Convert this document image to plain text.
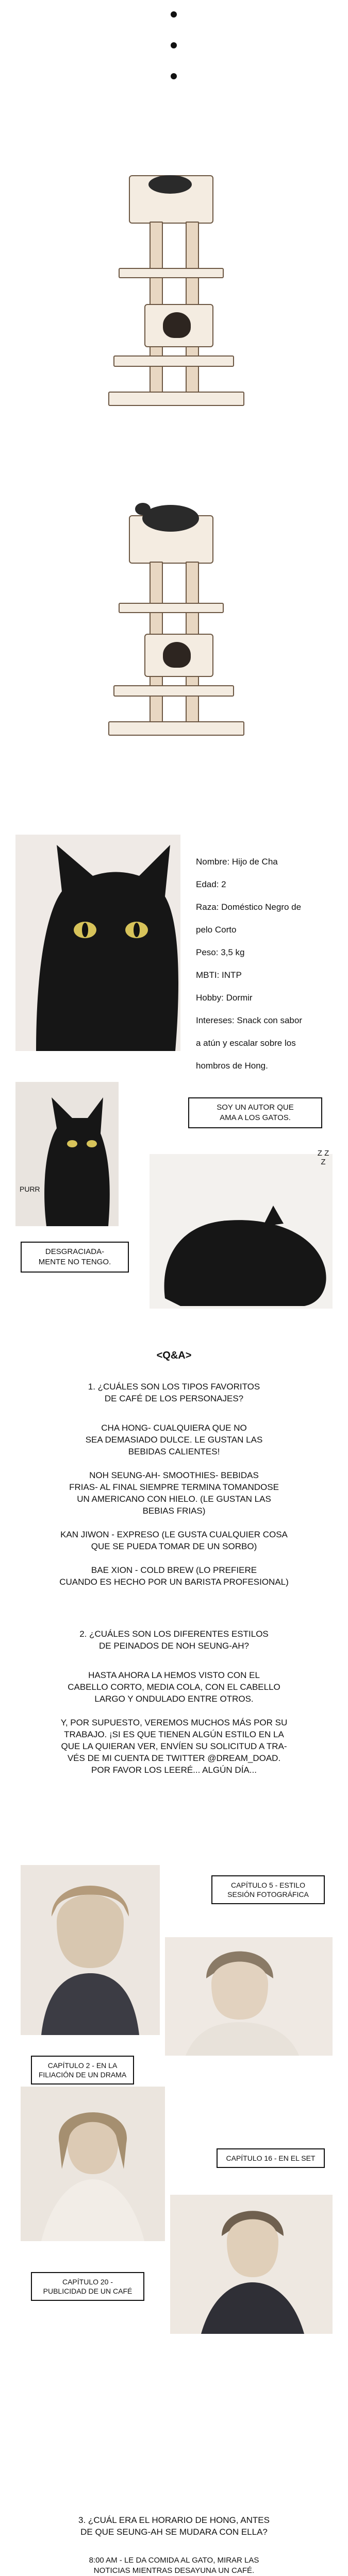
Nombre: Hijo de Cha

Edad: 2

Raza: Doméstico Negro de

pelo Corto

Peso: 3,5 kg

MBTI: INTP

Hobby: Dormir

Intereses: Snack con sabor

a atún y escalar sobre los

hombros de Hong.

SOY UN AUTOR QUE
AMA A LOS GATOS.
Z Z Z
PURR
DESGRACIADA-
MENTE NO TENGO.
<Q&A>
1. ¿CUÁLES SON LOS TIPOS FAVORITOS
DE CAFÉ DE LOS PERSONAJES?
CHA HONG- CUALQUIERA QUE NO
SEA DEMASIADO DULCE. LE GUSTAN LAS
BEBIDAS CALIENTES!

NOH SEUNG-AH- SMOOTHIES- BEBIDAS
FRIAS- AL FINAL SIEMPRE TERMINA TOMANDOSE
UN AMERICANO CON HIELO. (LE GUSTAN LAS
BEBIAS FRIAS)

KAN JIWON - EXPRESO (LE GUSTA CUALQUIER COSA
QUE SE PUEDA TOMAR DE UN SORBO)

BAE XION - COLD BREW (LO PREFIERE
CUANDO ES HECHO POR UN BARISTA PROFESIONAL)
2. ¿CUÁLES SON LOS DIFERENTES ESTILOS
DE PEINADOS DE NOH SEUNG-AH?
HASTA AHORA LA HEMOS VISTO CON EL
CABELLO CORTO, MEDIA COLA, CON EL CABELLO
LARGO Y ONDULADO ENTRE OTROS.

Y, POR SUPUESTO, VEREMOS MUCHOS MÁS POR SU
TRABAJO. ¡SI ES QUE TIENEN ALGÚN ESTILO EN LA
QUE LA QUIERAN VER, ENVÍEN SU SOLICITUD A TRA-
VÉS DE MI CUENTA DE TWITTER @DREAM_DOAD.
POR FAVOR LOS LEERÉ... ALGÚN DÍA...
CAPÍTULO 5 - ESTILO
SESIÓN FOTOGRÁFICA
CAPÍTULO 2 - EN LA
FILIACIÓN DE UN DRAMA
CAPÍTULO 16 - EN EL SET
CAPÍTULO 20 -
PUBLICIDAD DE UN CAFÉ
3. ¿CUÁL ERA EL HORARIO DE HONG, ANTES
DE QUE SEUNG-AH SE MUDARA CON ELLA?
8:00 AM - LE DA COMIDA AL GATO, MIRAR LAS
NOTICIAS MIENTRAS DESAYUNA UN CAFÉ.
